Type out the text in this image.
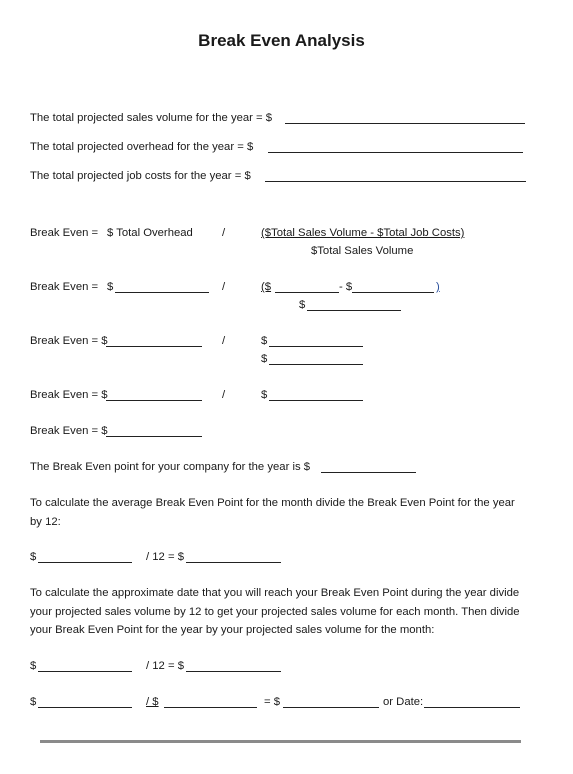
Break Even Analysis
The total projected sales volume for the year = $
The total projected overhead for the year = $
The total projected job costs for the year = $
Break Even = $ Total Overhead	/	($Total Sales Volume - $Total Job Costs)
$Total Sales Volume
Break Even = $	/	($	- $	)
$
Break Even = $	/	$
$
Break Even = $	/	$
Break Even = $
The Break Even point for your company for the year is $
To calculate the average Break Even Point for the month divide the Break Even Point for the year by 12:
$	/ 12 = $
To calculate the approximate date that you will reach your Break Even Point during the year divide your projected sales volume by 12 to get your projected sales volume for each month. Then divide your Break Even Point for the year by your projected sales volume for the month:
$	/ 12 = $
$	/ $	= $	or Date:
